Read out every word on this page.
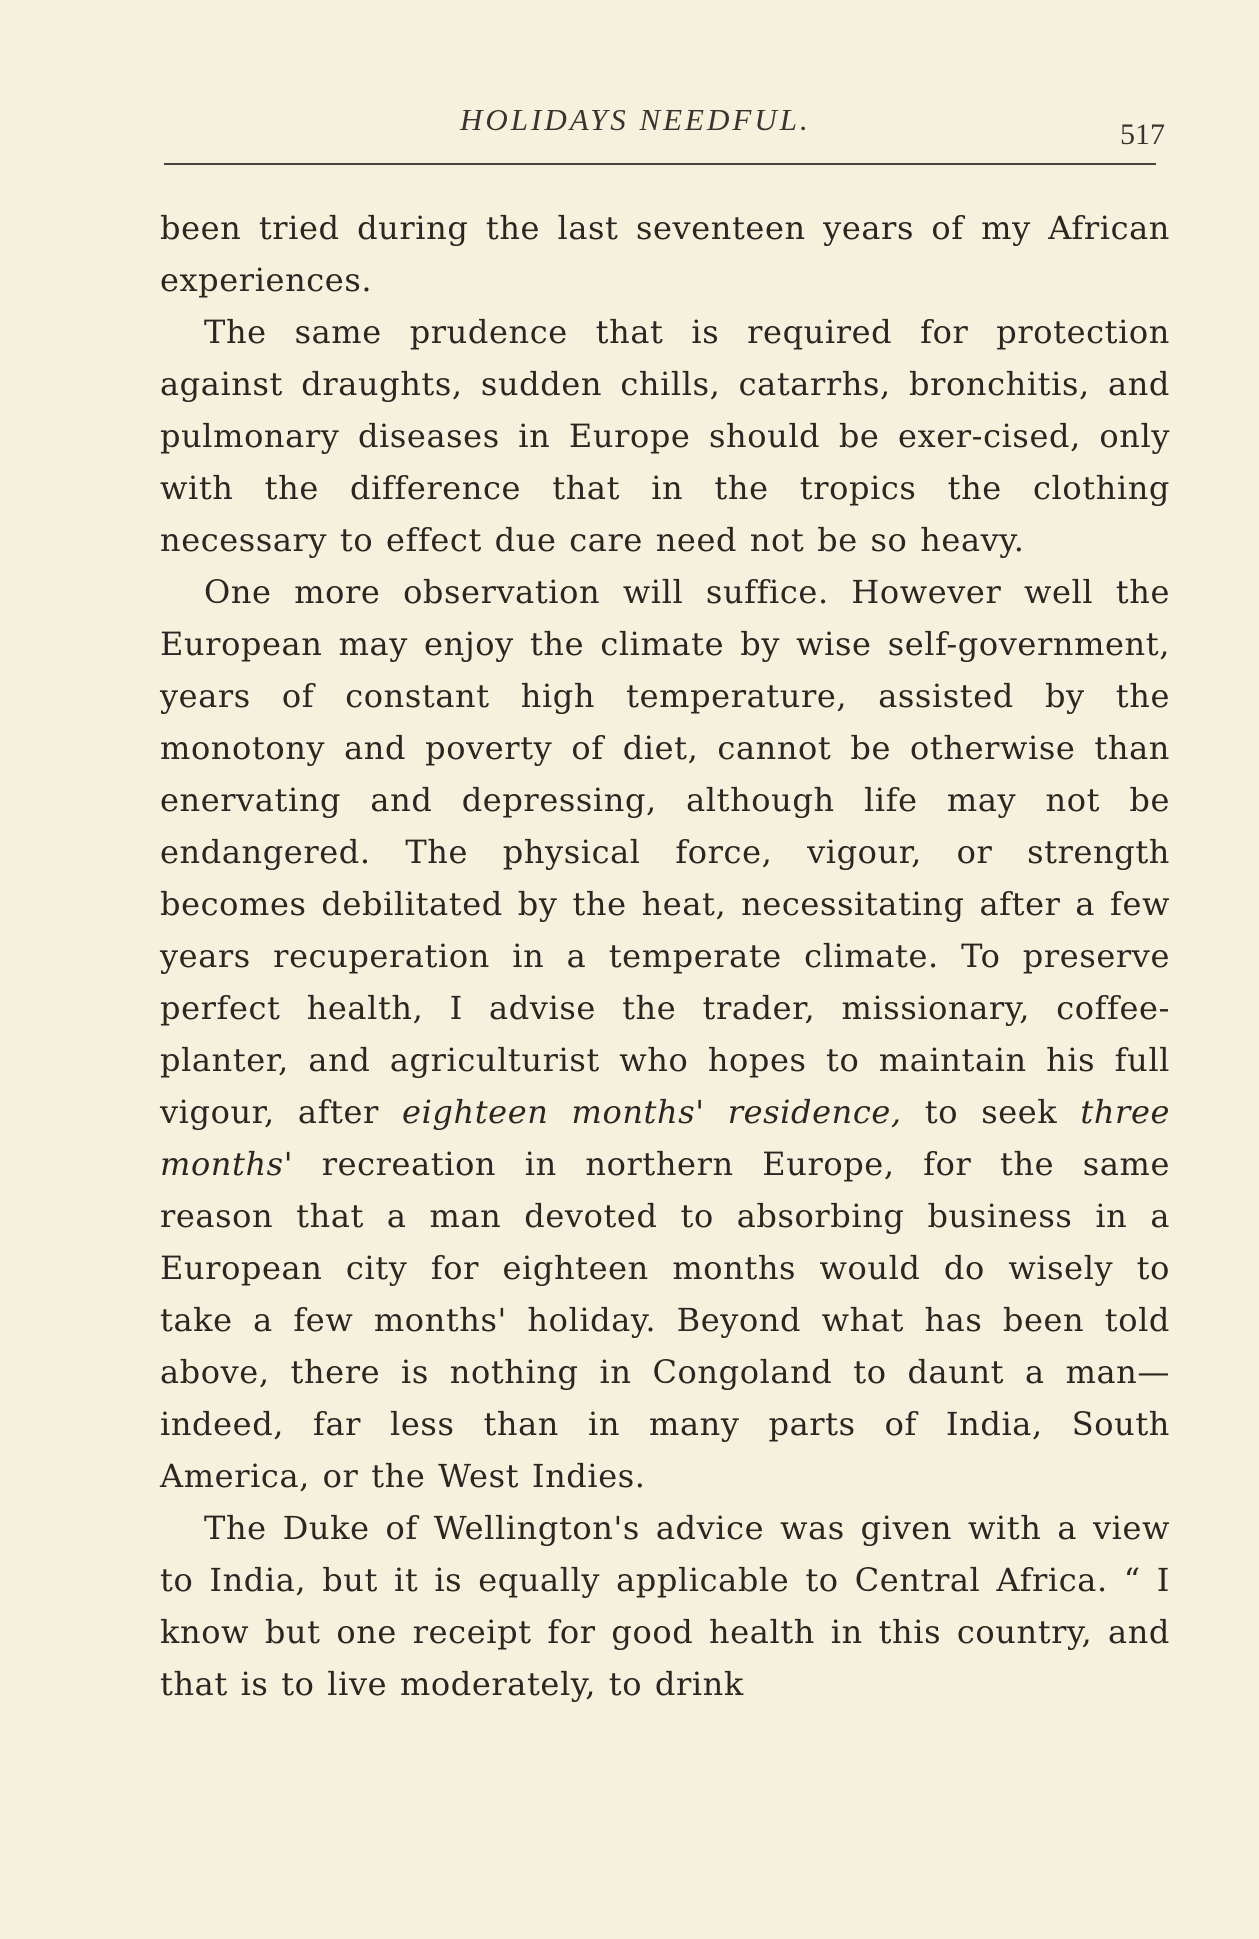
HOLIDAYS NEEDFUL.	517

been tried during the last seventeen years of my African experiences.

The same prudence that is required for protection against draughts, sudden chills, catarrhs, bronchitis, and pulmonary diseases in Europe should be exer-cised, only with the difference that in the tropics the clothing necessary to effect due care need not be so heavy.

One more observation will suffice. However well the European may enjoy the climate by wise self-government, years of constant high temperature, assisted by the monotony and poverty of diet, cannot be otherwise than enervating and depressing, although life may not be endangered. The physical force, vigour, or strength becomes debilitated by the heat, necessitating after a few years recuperation in a temperate climate. To preserve perfect health, I advise the trader, missionary, coffee-planter, and agriculturist who hopes to maintain his full vigour, after eighteen months' residence, to seek three months' recreation in northern Europe, for the same reason that a man devoted to absorbing business in a European city for eighteen months would do wisely to take a few months' holiday. Beyond what has been told above, there is nothing in Congoland to daunt a man—indeed, far less than in many parts of India, South America, or the West Indies.

The Duke of Wellington's advice was given with a view to India, but it is equally applicable to Central Africa. “ I know but one receipt for good health in this country, and that is to live moderately, to drink
